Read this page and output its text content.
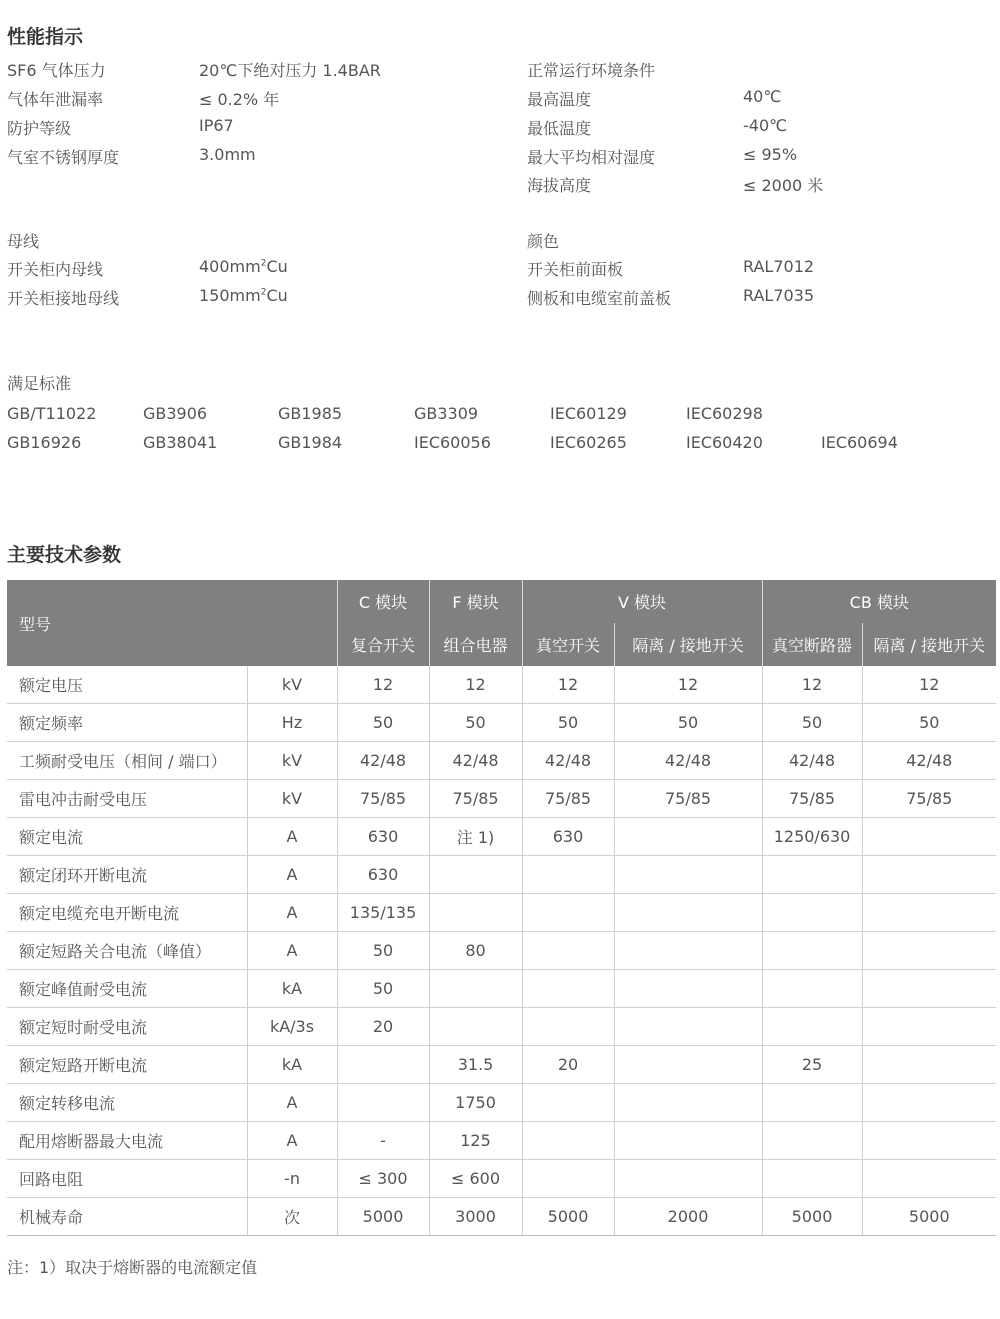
性能指示
SF6 气体压力	20℃下绝对压力 1.4BAR
气体年泄漏率	≤ 0.2% 年
防护等级	IP67
气室不锈钢厚度	3.0mm
正常运行环境条件
最高温度	40℃
最低温度	-40℃
最大平均相对湿度	≤ 95%
海拔高度	≤ 2000 米
母线
开关柜内母线	$400mm^2Cu$
开关柜接地母线	$150mm^2Cu$
颜色
开关柜前面板	RAL7012
侧板和电缆室前盖板	RAL7035
满足标准
GB/T11022	GB3906	GB1985	GB3309	IEC60129	IEC60298
GB16926	GB38041	GB1984	IEC60056	IEC60265	IEC60420	IEC60694
主要技术参数
型号		C 模块	F 模块	V 模块		CB 模块	
		复合开关	组合电器	真空开关	隔离 / 接地开关	真空断路器	隔离 / 接地开关
额定电压	kV	12	12	12	12	12	12
额定频率	Hz	50	50	50	50	50	50
工频耐受电压（相间 / 端口）	kV	42/48	42/48	42/48	42/48	42/48	42/48
雷电冲击耐受电压	kV	75/85	75/85	75/85	75/85	75/85	75/85
额定电流	A	630	注 1)	630		1250/630	
额定闭环开断电流	A	630					
额定电缆充电开断电流	A	135/135					
额定短路关合电流（峰值）	A	50	80				
额定峰值耐受电流	kA	50					
额定短时耐受电流	kA/3s	20					
额定短路开断电流	kA		31.5	20		25	
额定转移电流	A		1750				
配用熔断器最大电流	A	-	125				
回路电阻	-n	≤ 300	≤ 600				
机械寿命	次	5000	3000	5000	2000	5000	5000
注：1）取决于熔断器的电流额定值
